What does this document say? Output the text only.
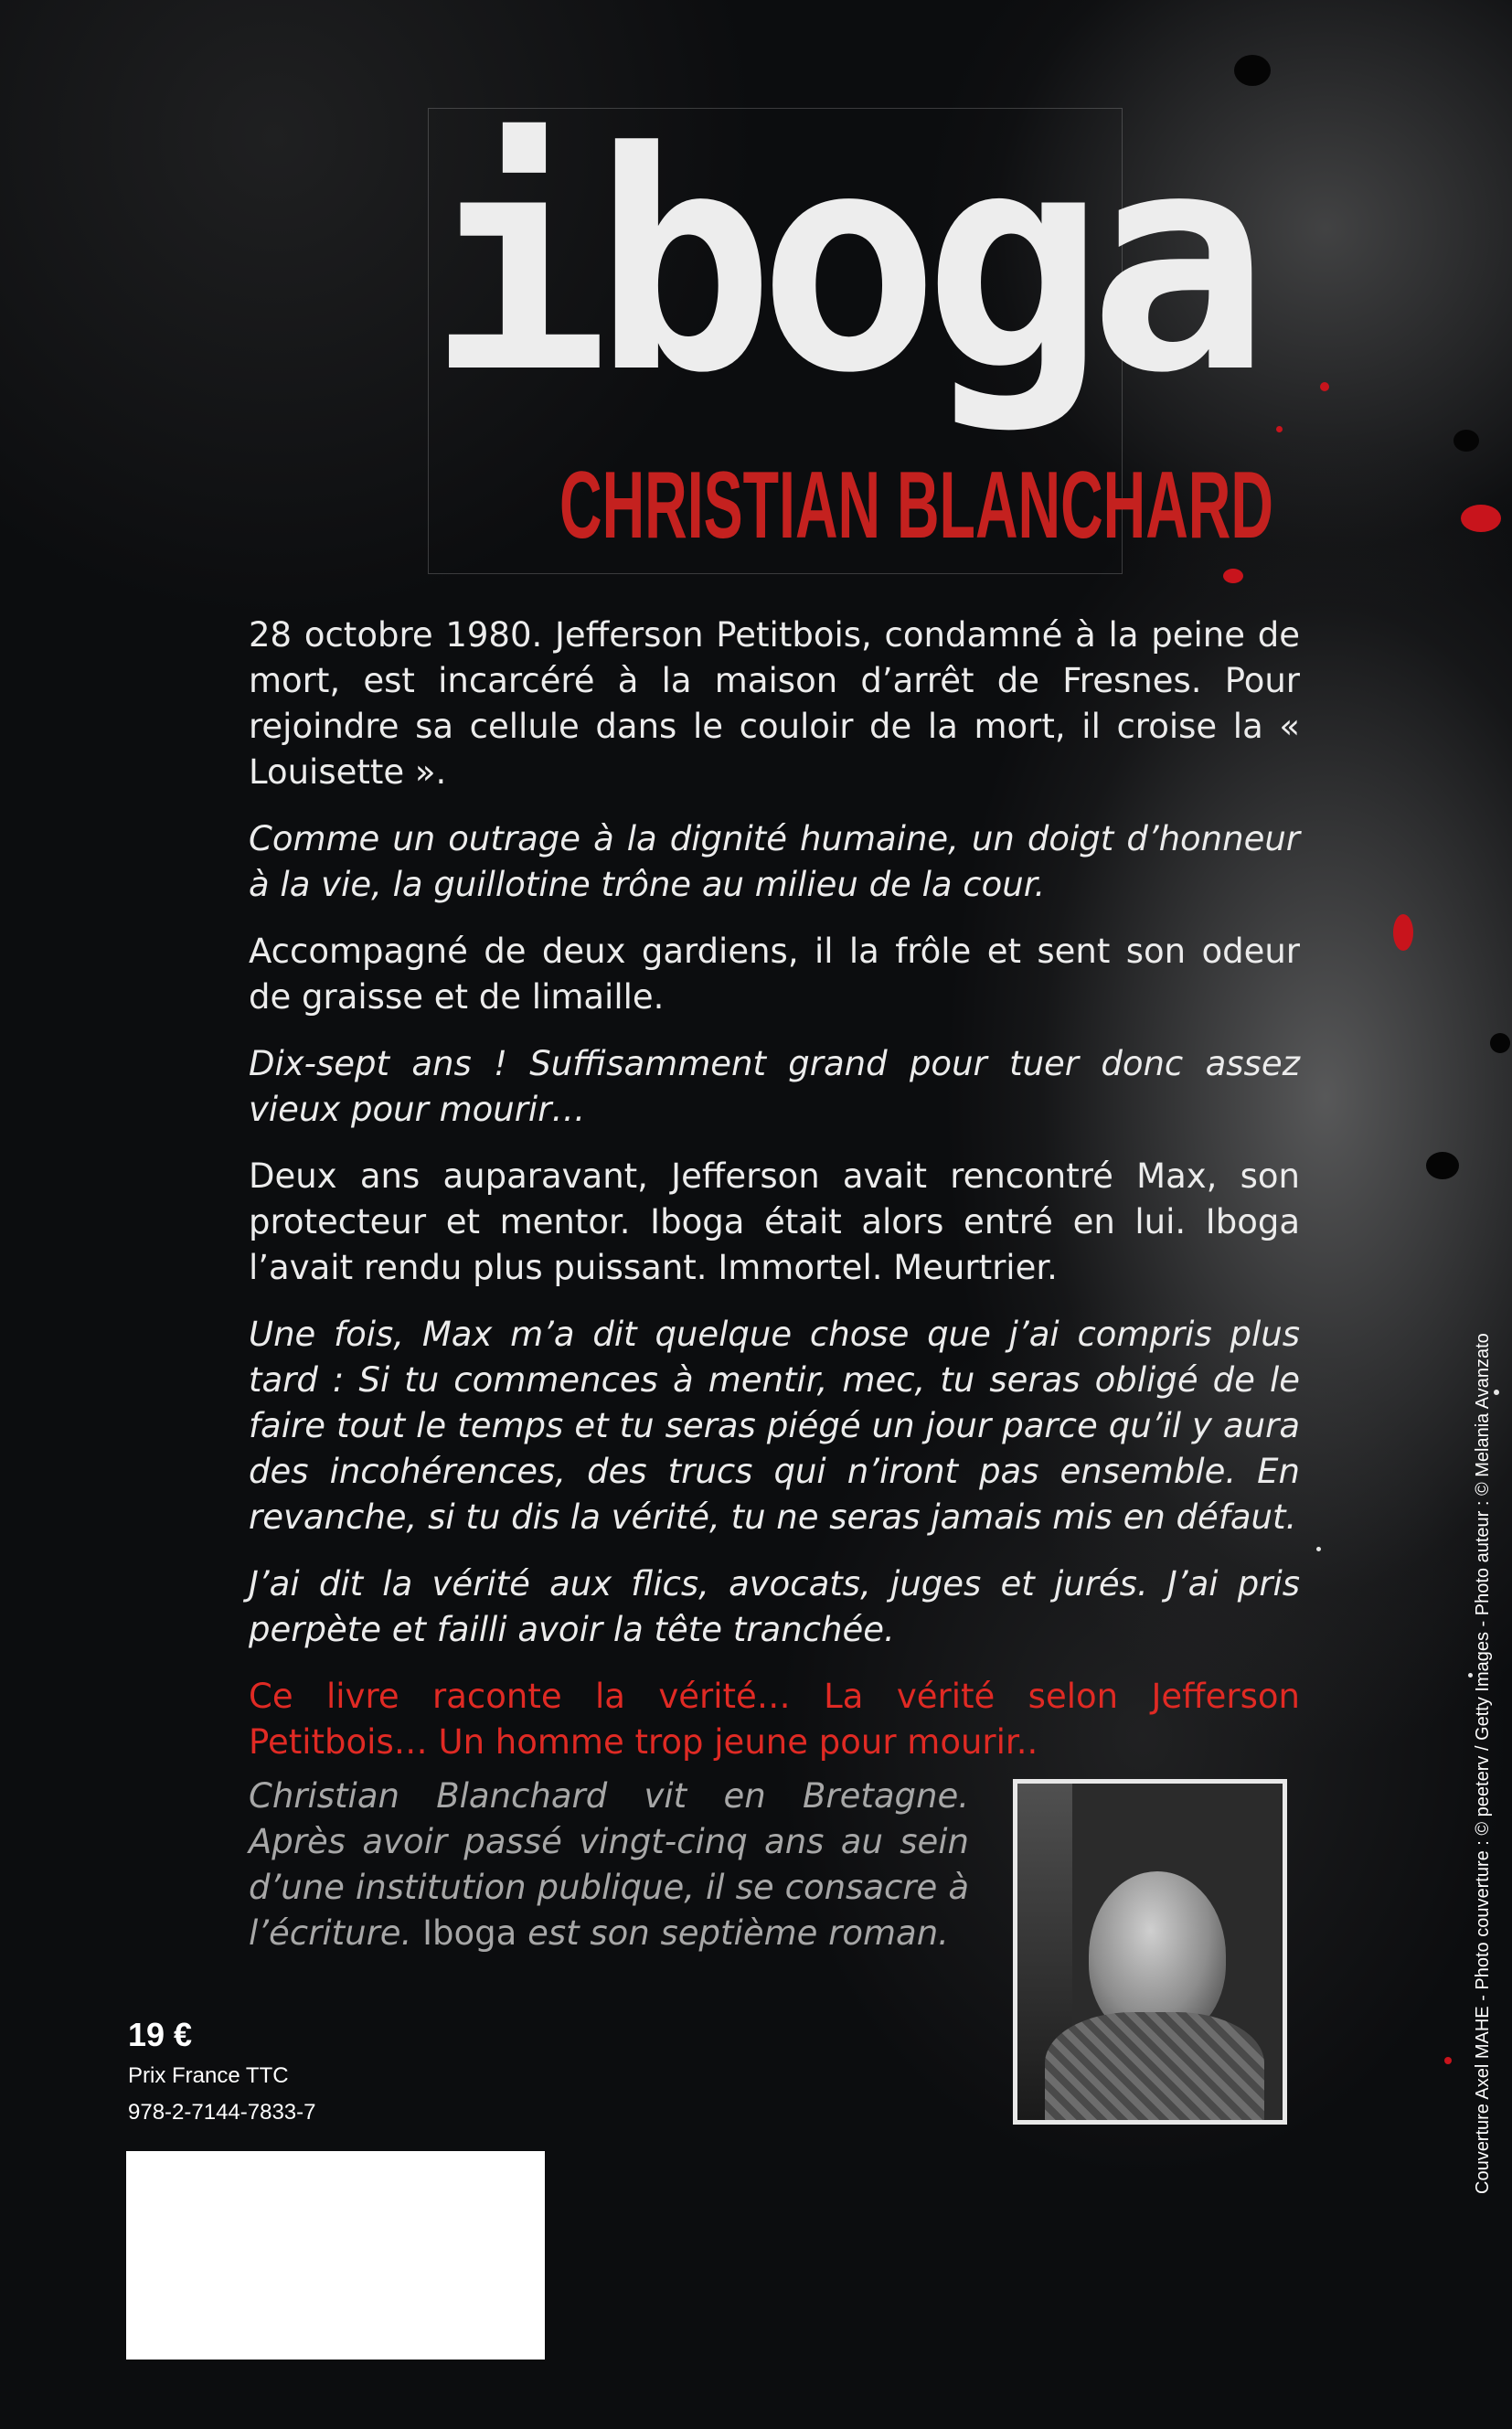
iboga
CHRISTIAN BLANCHARD

28 octobre 1980. Jefferson Petitbois, condamné à la peine de mort, est incarcéré à la maison d’arrêt de Fresnes. Pour rejoindre sa cellule dans le couloir de la mort, il croise la « Louisette ».

Comme un outrage à la dignité humaine, un doigt d’honneur à la vie, la guillotine trône au milieu de la cour.

Accompagné de deux gardiens, il la frôle et sent son odeur de graisse et de limaille.

Dix-sept ans ! Suffisamment grand pour tuer donc assez vieux pour mourir…

Deux ans auparavant, Jefferson avait rencontré Max, son protecteur et mentor. Iboga était alors entré en lui. Iboga l’avait rendu plus puissant. Immortel. Meurtrier.

Une fois, Max m’a dit quelque chose que j’ai compris plus tard : Si tu commences à mentir, mec, tu seras obligé de le faire tout le temps et tu seras piégé un jour parce qu’il y aura des incohérences, des trucs qui n’iront pas ensemble. En revanche, si tu dis la vérité, tu ne seras jamais mis en défaut.

J’ai dit la vérité aux flics, avocats, juges et jurés. J’ai pris perpète et failli avoir la tête tranchée.

Ce livre raconte la vérité… La vérité selon Jefferson Petitbois… Un homme trop jeune pour mourir..

Christian Blanchard vit en Bretagne. Après avoir passé vingt-cinq ans au sein d’une institution publique, il se consacre à l’écriture. Iboga est son septième roman.
19 €
Prix France TTC
978-2-7144-7833-7	Couverture Axel MAHE - Photo couverture : © peeterv / Getty Images - Photo auteur : © Melania Avanzato
